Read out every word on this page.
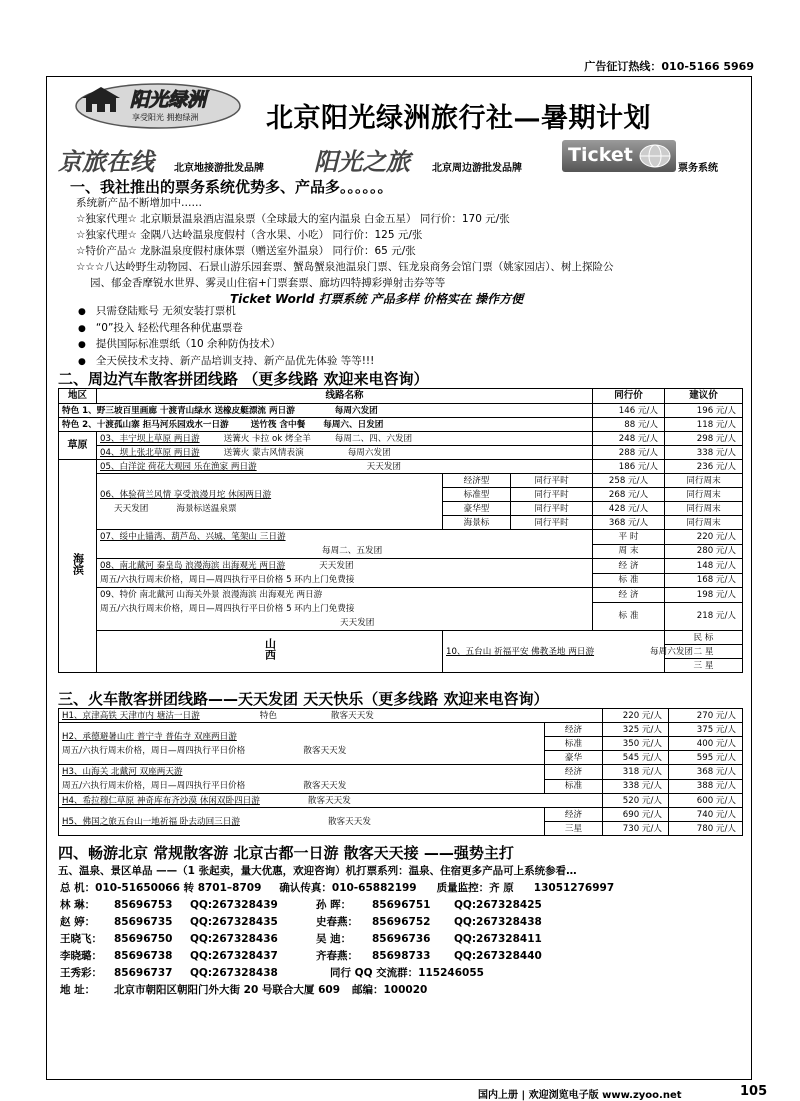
广告征订热线：010-5166 5969
阳光绿洲
享受阳光 拥抱绿洲 北京阳光绿洲旅行社—暑期计划
京旅在线 北京地接游批发品牌 阳光之旅 北京周边游批发品牌
Ticket
票务系统
一、我社推出的票务系统优势多、产品多。。。。。。
系统新产品不断增加中……
☆独家代理☆ 北京顺景温泉酒店温泉票（全球最大的室内温泉 白金五星） 同行价：170 元/张
☆独家代理☆ 金隅八达岭温泉度假村（含水果、小吃） 同行价：125 元/张
☆特价产品☆ 龙脉温泉度假村康体票（赠送室外温泉） 同行价：65 元/张
☆☆☆八达岭野生动物园、石景山游乐园套票、蟹岛蟹泉池温泉门票、钰龙泉商务会馆门票（姚家园店）、树上探险公
园、郁金香摩锐水世界、雾灵山住宿+门票套票、廊坊四特搏彩弹射击券等等
Ticket World 打票系统 产品多样 价格实在 操作方便
● 只需登陆账号 无须安装打票机
● “0”投入 轻松代理各种优惠票卷
● 提供国际标准票纸（10 余种防伪技术）
● 全天侯技术支持、新产品培训支持、新产品优先体验 等等!!!
二、周边汽车散客拼团线路 （更多线路 欢迎来电咨询）
地区	线路名称			同行价	建议价	
特色 1、野三坡百里画廊 十渡青山绿水 送橡皮艇漂流 两日游 每周六发团				146 元/人	196 元/人	
特色 2、十渡孤山寨 拒马河乐园戏水一日游 送竹筏 含中餐 每周六、日发团				88 元/人	118 元/人	
草原	03、丰宁坝上草原 两日游 送篝火 卡拉 ok 烤全羊 每周二、四、六发团			248 元/人	298 元/人	
	04、坝上张北草原 两日游 送篝火 蒙古风情表演 每周六发团			288 元/人	338 元/人	
海滨	05、白洋淀 荷花大观园 乐在渔家 两日游 天天发团			186 元/人	236 元/人	
	06、体验荷兰风情 享受浪漫月坨 休闲两日游
天天发团 海景标送温泉票	经济型	同行平时	258 元/人	同行周末	
		标准型	同行平时	268 元/人	同行周末	
		豪华型	同行平时	428 元/人	同行周末	
		海景标	同行平时	368 元/人	同行周末	
	07、绥中止锚湾、葫芦岛、兴城、笔架山 三日游
每周二、五发团			平 时	220 元/人	
				周 末	280 元/人	
	08、南北戴河 秦皇岛 浪漫海滨 出海观光 两日游 天天发团
周五/六执行周末价格，周日—周四执行平日价格 5 环内上门免费接			经 济	148 元/人	
				标 准	168 元/人	
	09、特价 南北戴河 山海关外景 浪漫海滨 出海观光 两日游
周五/六执行周末价格，周日—周四执行平日价格 5 环内上门免费接
天天发团			经 济	198 元/人	
				标 准	218 元/人	
	山西	10、五台山 祈福平安 佛教圣地 两日游 每周六发团			民 标		
					二 星		
					三 星		
三、火车散客拼团线路——天天发团 天天快乐（更多线路 欢迎来电咨询）
H1、京津高铁 天津市内 塘沽一日游 特色 散客天天发		220 元/人	270 元/人
H2、承德避暑山庄 普宁寺 普佑寺 双座两日游
周五/六执行周末价格，周日—周四执行平日价格 散客天天发	经济	325 元/人	375 元/人
	标准	350 元/人	400 元/人
	豪华	545 元/人	595 元/人
H3、山海关 北戴河 双座两天游
周五/六执行周末价格，周日—周四执行平日价格 散客天天发	经济	318 元/人	368 元/人
	标准	338 元/人	388 元/人
H4、希拉穆仁草原 神奇库布齐沙漠 休闲双卧四日游 散客天天发		520 元/人	600 元/人
H5、佛国之旅五台山一地祈福 卧去动回三日游 散客天天发	经济	690 元/人	740 元/人
	三星	730 元/人	780 元/人
四、畅游北京 常规散客游 北京古都一日游 散客天天接 ——强势主打
五、温泉、景区单品 ——（1 张起卖，量大优惠，欢迎咨询）机打票系列：温泉、住宿更多产品可上系统参看…
总 机：010-51650066 转 8701–8709 确认传真：010-65882199 质量监控：齐 原 13051276997
林 琳： 85696753 QQ:267328439	孙 晖： 85696751 QQ:267328425
赵 婷： 85696735 QQ:267328435	史春燕： 85696752 QQ:267328438
王晓飞： 85696750 QQ:267328436	吴 迪： 85696736 QQ:267328411
李晓璐： 85696738 QQ:267328437	齐春燕： 85698733 QQ:267328440
王秀彩： 85696737 QQ:267328438	同行 QQ 交流群：115246055
地 址： 北京市朝阳区朝阳门外大街 20 号联合大厦 609 邮编：100020
国内上册 | 欢迎浏览电子版 www.zyoo.net	105
